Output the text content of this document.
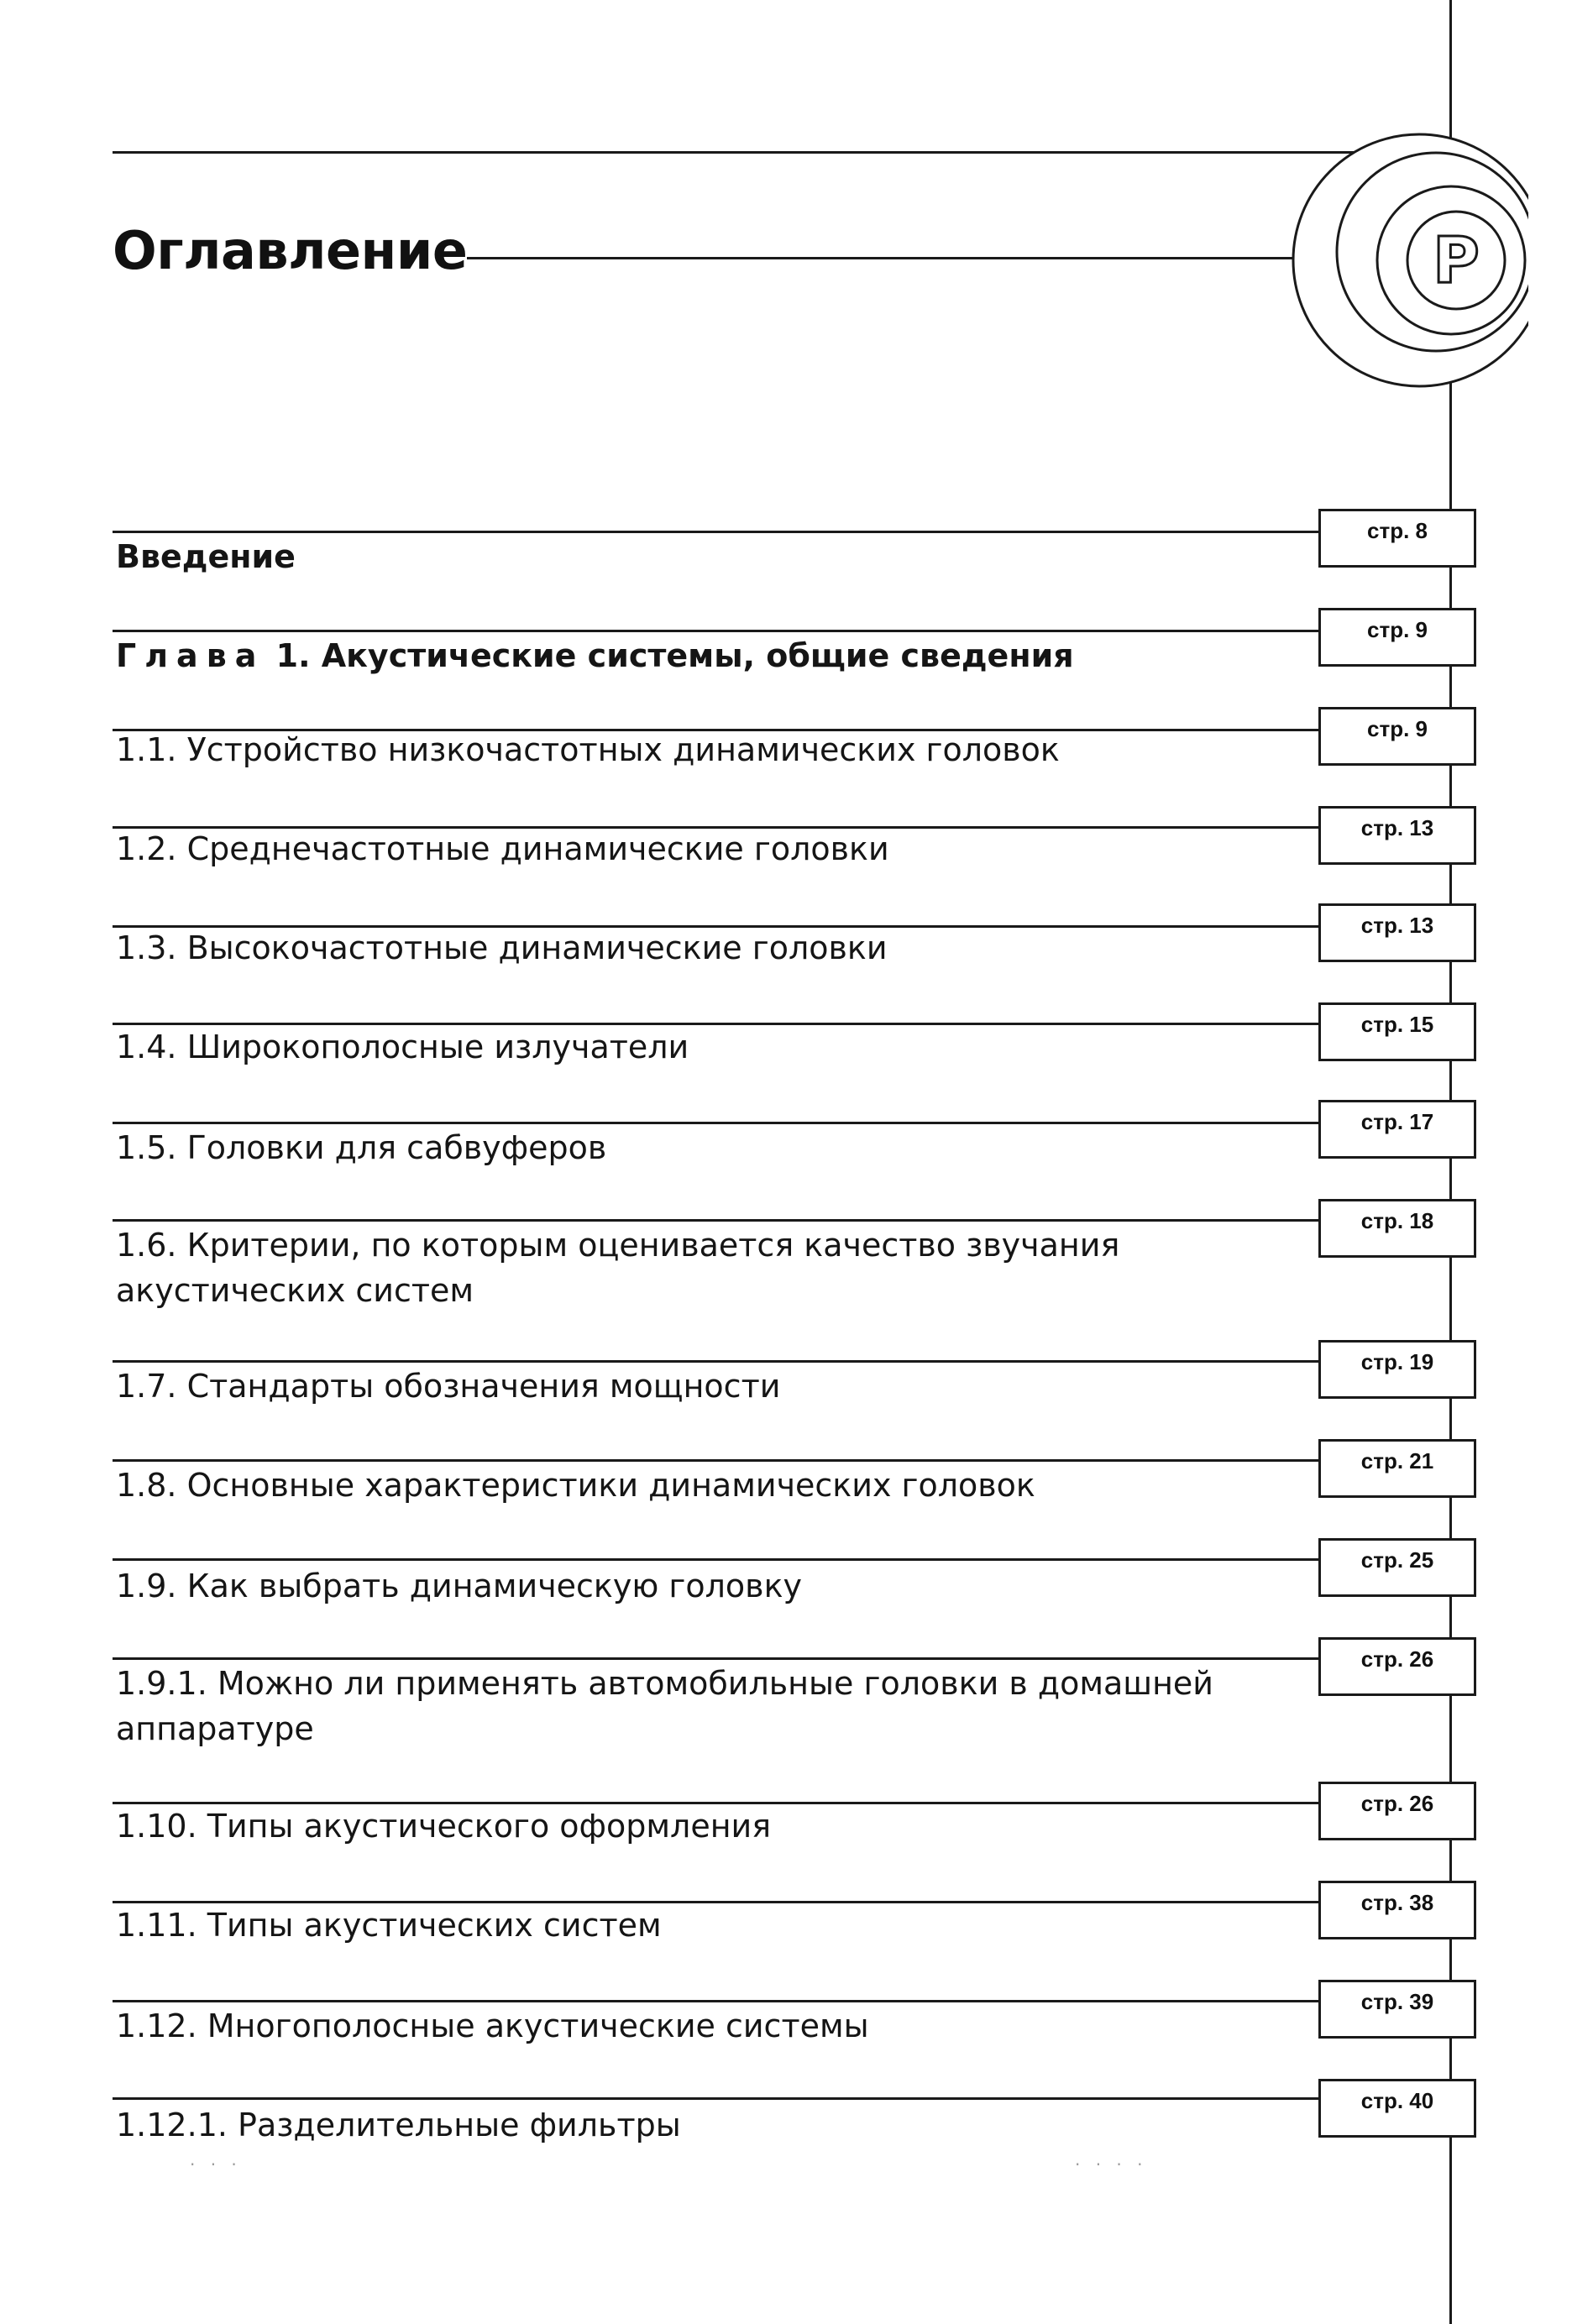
Оглавление	P
Введение
стр. 8
Глава 1. Акустические системы, общие сведения
стр. 9
1.1. Устройство низкочастотных динамических головок
стр. 9
1.2. Среднечастотные динамические головки
стр. 13
1.3. Высокочастотные динамические головки
стр. 13
1.4. Широкополосные излучатели
стр. 15
1.5. Головки для сабвуферов
стр. 17
1.6. Критерии, по которым оценивается качество звучания
акустических систем
стр. 18
1.7. Стандарты обозначения мощности
стр. 19
1.8. Основные характеристики динамических головок
стр. 21
1.9. Как выбрать динамическую головку
стр. 25
1.9.1. Можно ли применять автомобильные головки в домашней
аппаратуре
стр. 26
1.10. Типы акустического оформления
стр. 26
1.11. Типы акустических систем
стр. 38
1.12. Многополосные акустические системы
стр. 39
1.12.1. Разделительные фильтры
стр. 40
· · ·	· · · ·
